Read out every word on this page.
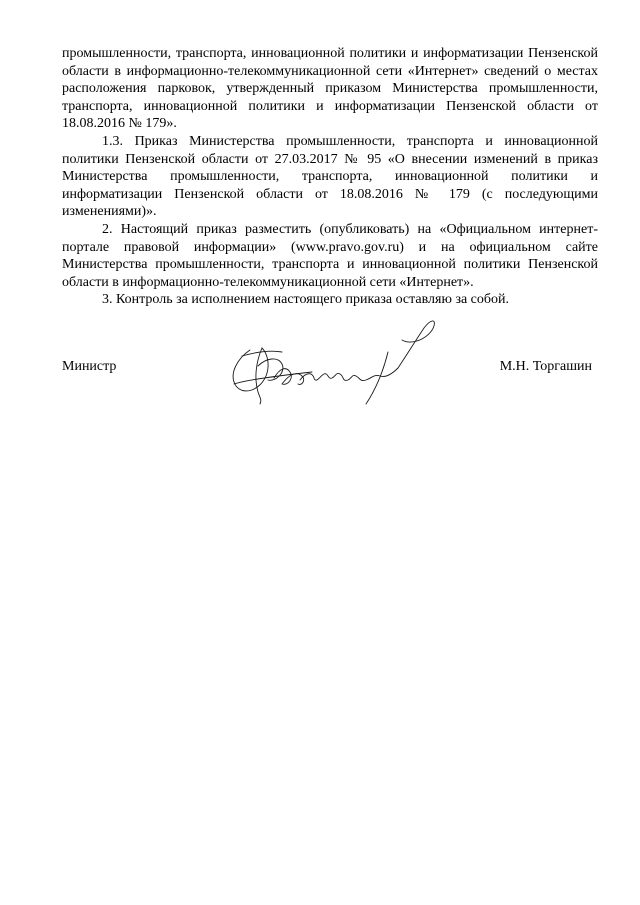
промышленности, транспорта, инновационной политики и информатизации Пензенской области в информационно-телекоммуникационной сети «Интернет» сведений о местах расположения парковок, утвержденный приказом Министерства промышленности, транспорта, инновационной политики и информатизации Пензенской области от 18.08.2016 № 179».

1.3. Приказ Министерства промышленности, транспорта и инновационной политики Пензенской области от 27.03.2017 № 95 «О внесении изменений в приказ Министерства промышленности, транспорта, инновационной политики и информатизации Пензенской области от 18.08.2016 № 179 (с последующими изменениями)».

2. Настоящий приказ разместить (опубликовать) на «Официальном интернет-портале правовой информации» (www.pravo.gov.ru) и на официальном сайте Министерства промышленности, транспорта и инновационной политики Пензенской области в информационно-телекоммуникационной сети «Интернет».

3. Контроль за исполнением настоящего приказа оставляю за собой.

Министр	М.Н. Торгашин
